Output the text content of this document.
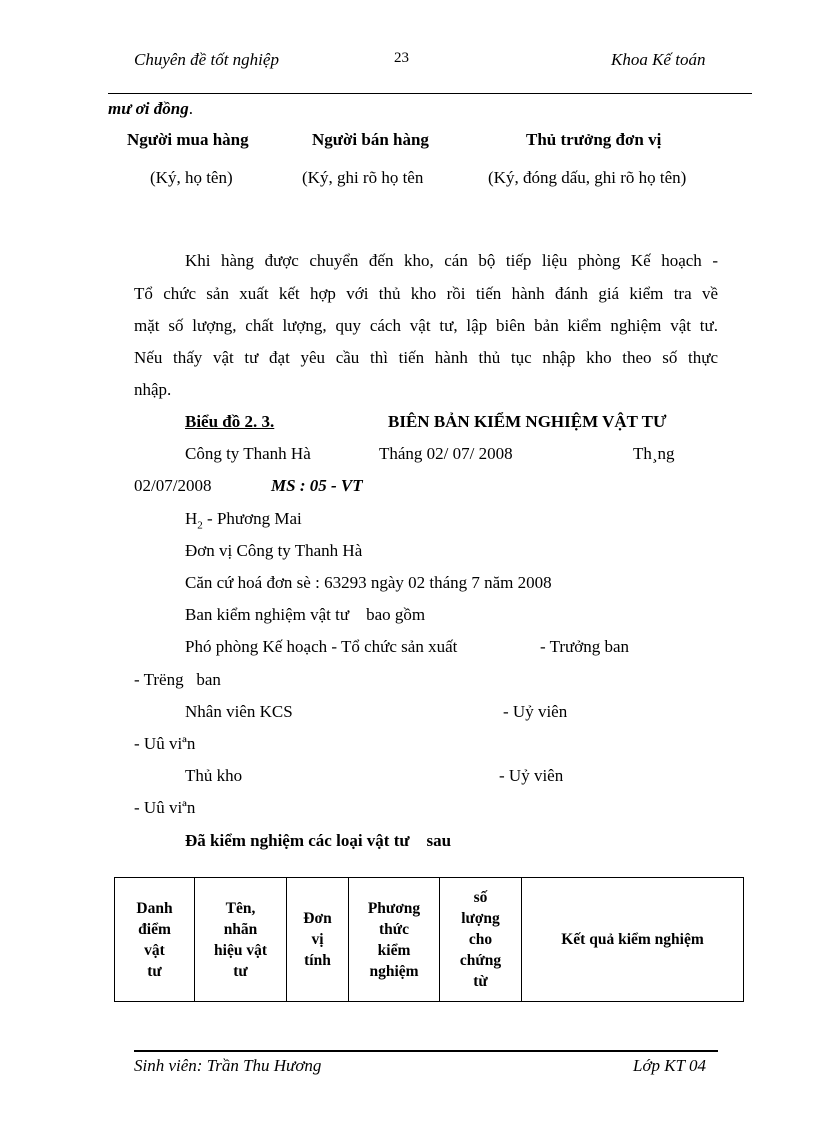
Chuyên đề tốt nghiệp	23	Khoa Kế toán
mư ơi đồng.
Người mua hàng	Người bán hàng	Thủ trưởng đơn vị
(Ký, họ tên)	(Ký, ghi rõ họ tên	(Ký, đóng dấu, ghi rõ họ tên)
Khi hàng được chuyển đến kho, cán bộ tiếp liệu phòng Kế hoạch -
Tổ chức sản xuất kết hợp với thủ kho rồi tiến hành đánh giá kiểm tra về
mặt số lượng, chất lượng, quy cách vật tư, lập biên bản kiểm nghiệm vật tư.
Nếu thấy vật tư đạt yêu cầu thì tiến hành thủ tục nhập kho theo số thực
nhập.
Biểu đồ 2. 3.	BIÊN BẢN KIỂM NGHIỆM VẬT TƯ
Công ty Thanh Hà	Tháng 02/ 07/ 2008	Th¸ng
02/07/2008	MS : 05 - VT
$H_2$ - Phương Mai
Đơn vị Công ty Thanh Hà
Căn cứ hoá đơn sè : 63293 ngày 02 tháng 7 năm 2008
Ban kiểm nghiệm vật tư    bao gồm
Phó phòng Kế hoạch - Tổ chức sản xuất	- Trưởng ban
- Trëng   ban
Nhân viên KCS	- Uỷ viên
- Uû viªn
Thủ kho	- Uỷ viên
- Uû viªn
Đã kiểm nghiệm các loại vật tư    sau
Danh
điểm
vật
tư	Tên,
nhãn
hiệu vật
tư	Đơn
vị
tính	Phương
thức
kiểm
nghiệm	số
lượng
cho
chứng
từ	Kết quả kiểm nghiệm
Sinh viên: Trần Thu Hương	Lớp KT 04
